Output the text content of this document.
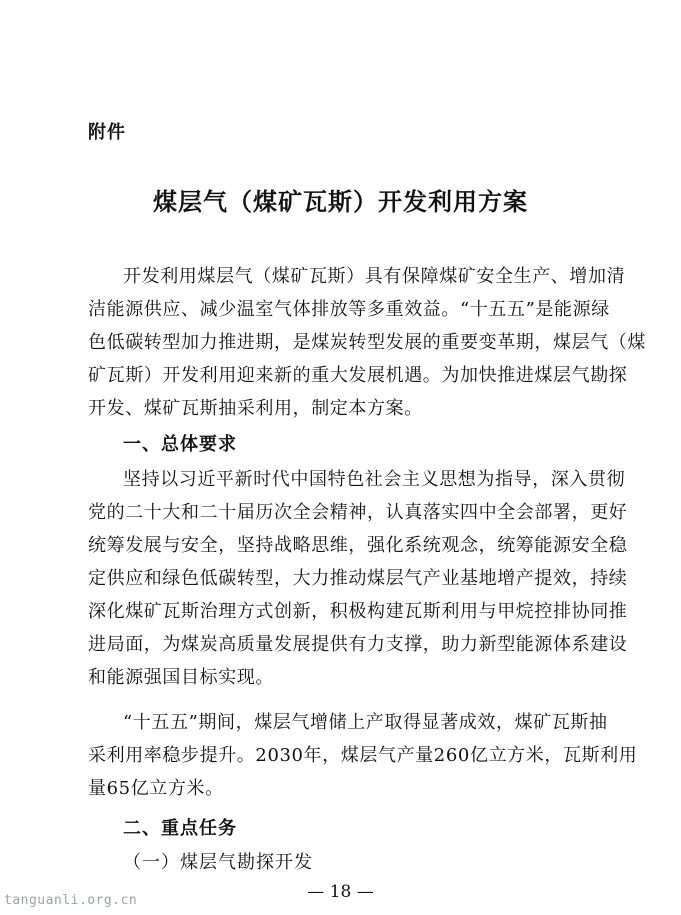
附件
煤层气（煤矿瓦斯）开发利用方案
开发利用煤层气（煤矿瓦斯）具有保障煤矿安全生产、增加清
洁能源供应、减少温室气体排放等多重效益。“十五五”是能源绿
色低碳转型加力推进期，是煤炭转型发展的重要变革期，煤层气（煤
矿瓦斯）开发利用迎来新的重大发展机遇。为加快推进煤层气勘探
开发、煤矿瓦斯抽采利用，制定本方案。
一、总体要求
坚持以习近平新时代中国特色社会主义思想为指导，深入贯彻
党的二十大和二十届历次全会精神，认真落实四中全会部署，更好
统筹发展与安全，坚持战略思维，强化系统观念，统筹能源安全稳
定供应和绿色低碳转型，大力推动煤层气产业基地增产提效，持续
深化煤矿瓦斯治理方式创新，积极构建瓦斯利用与甲烷控排协同推
进局面，为煤炭高质量发展提供有力支撑，助力新型能源体系建设
和能源强国目标实现。
“十五五”期间，煤层气增储上产取得显著成效，煤矿瓦斯抽
采利用率稳步提升。2030年，煤层气产量260亿立方米，瓦斯利用
量65亿立方米。
二、重点任务
（一）煤层气勘探开发
— 18 —
tanguanli.org.cn
